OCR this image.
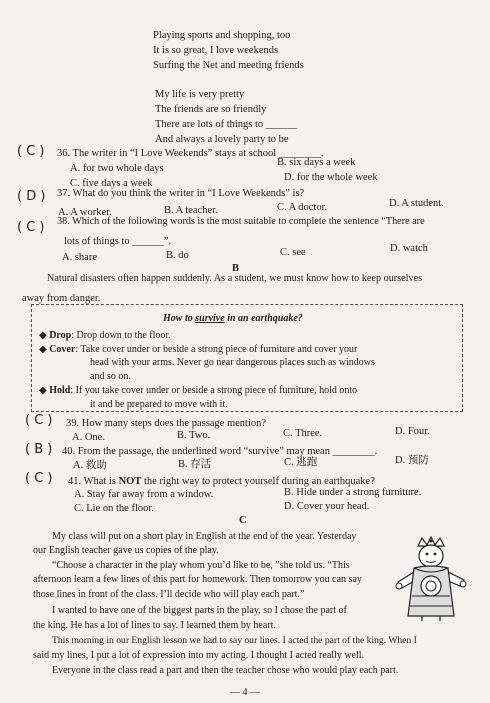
Playing sports and shopping, too
It is so great, I love weekends
Surfing the Net and meeting friends
My life is very pretty
The friends are so friendly
There are lots of things to ______
And always a lovely party to be
( C ) 36. The writer in “I Love Weekends” stays at school ________.
A. for two whole days
B. six days a week
C. five days a week
D. for the whole week
( D ) 37. What do you think the writer in “I Love Weekends” is?
A. A worker.	B. A teacher.	C. A doctor.	D. A student.
( C ) 38. Which of the following words is the most suitable to complete the sentence “There are
lots of things to ______”.
A. share	B. do	C. see	D. watch
B
Natural disasters often happen suddenly. As a student, we must know how to keep ourselves
away from danger.
How to survive in an earthquake?
◆ Drop: Drop down to the floor.
◆ Cover: Take cover under or beside a strong piece of furniture and cover your
head with your arms. Never go near dangerous places such as windows
and so on.
◆ Hold: If you take cover under or beside a strong piece of furniture, hold onto
it and be prepared to move with it.
( C ) 39. How many steps does the passage mention?
A. One.	B. Two.	C. Three.	D. Four.
( B ) 40. From the passage, the underlined word “survive” may mean ________.
A. 救助	B. 存活	C. 逃跑	D. 预防
( C ) 41. What is NOT the right way to protect yourself during an earthquake?
A. Stay far away from a window.	B. Hide under a strong furniture.
C. Lie on the floor.	D. Cover your head.
C
My class will put on a short play in English at the end of the year. Yesterday
our English teacher gave us copies of the play.
“Choose a character in the play whom you’d like to be, ”she told us. “This
afternoon learn a few lines of this part for homework. Then tomorrow you can say
those lines in front of the class. I’ll decide who will play each part.”
I wanted to have one of the biggest parts in the play, so I chose the part of
the king. He has a lot of lines to say. I learned them by heart.
This morning in our English lesson we had to say our lines. I acted the part of the king. When I
said my lines, I put a lot of expression into my acting. I thought I acted really well.
Everyone in the class read a part and then the teacher chose who would play each part.
— 4 —
